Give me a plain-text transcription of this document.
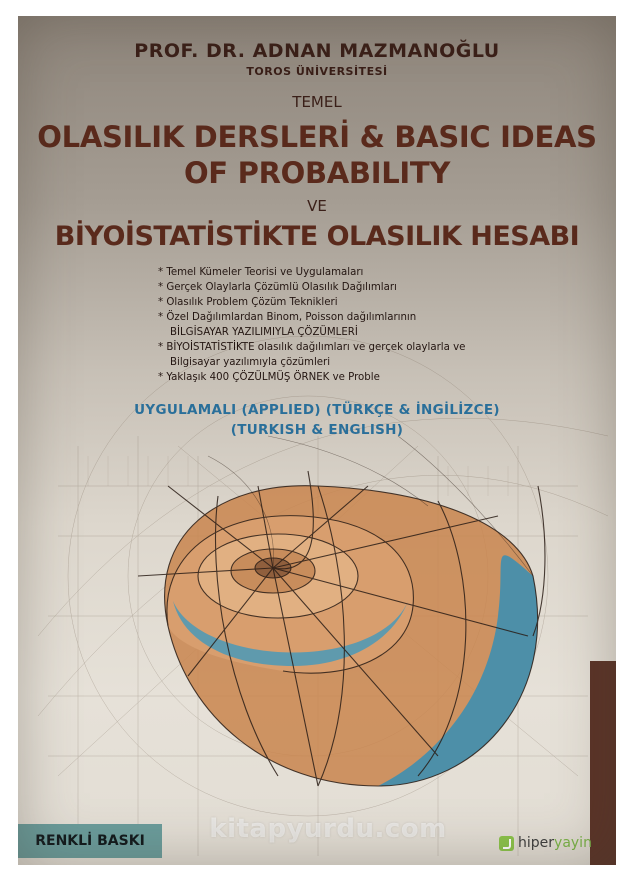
PROF. DR. ADNAN MAZMANOĞLU
TOROS ÜNİVERSİTESİ
TEMEL
OLASILIK DERSLERİ & BASIC IDEAS
OF PROBABILITY
VE
BİYOİSTATİSTİKTE OLASILIK HESABI
* Temel Kümeler Teorisi ve Uygulamaları
* Gerçek Olaylarla Çözümlü Olasılık Dağılımları
* Olasılık Problem Çözüm Teknikleri
* Özel Dağılımlardan Binom, Poisson dağılımlarının
BİLGİSAYAR YAZILIMIYLA ÇÖZÜMLERİ
* BİYOİSTATİSTİKTE olasılık dağılımları ve gerçek olaylarla ve
Bilgisayar yazılımıyla çözümleri
* Yaklaşık 400 ÇÖZÜLMÜŞ ÖRNEK ve Proble
UYGULAMALI (APPLIED) (TÜRKÇE & İNGİLİZCE)
(TURKISH & ENGLISH)
RENKLİ BASKI	kitapyurdu.com	hiper yayin
